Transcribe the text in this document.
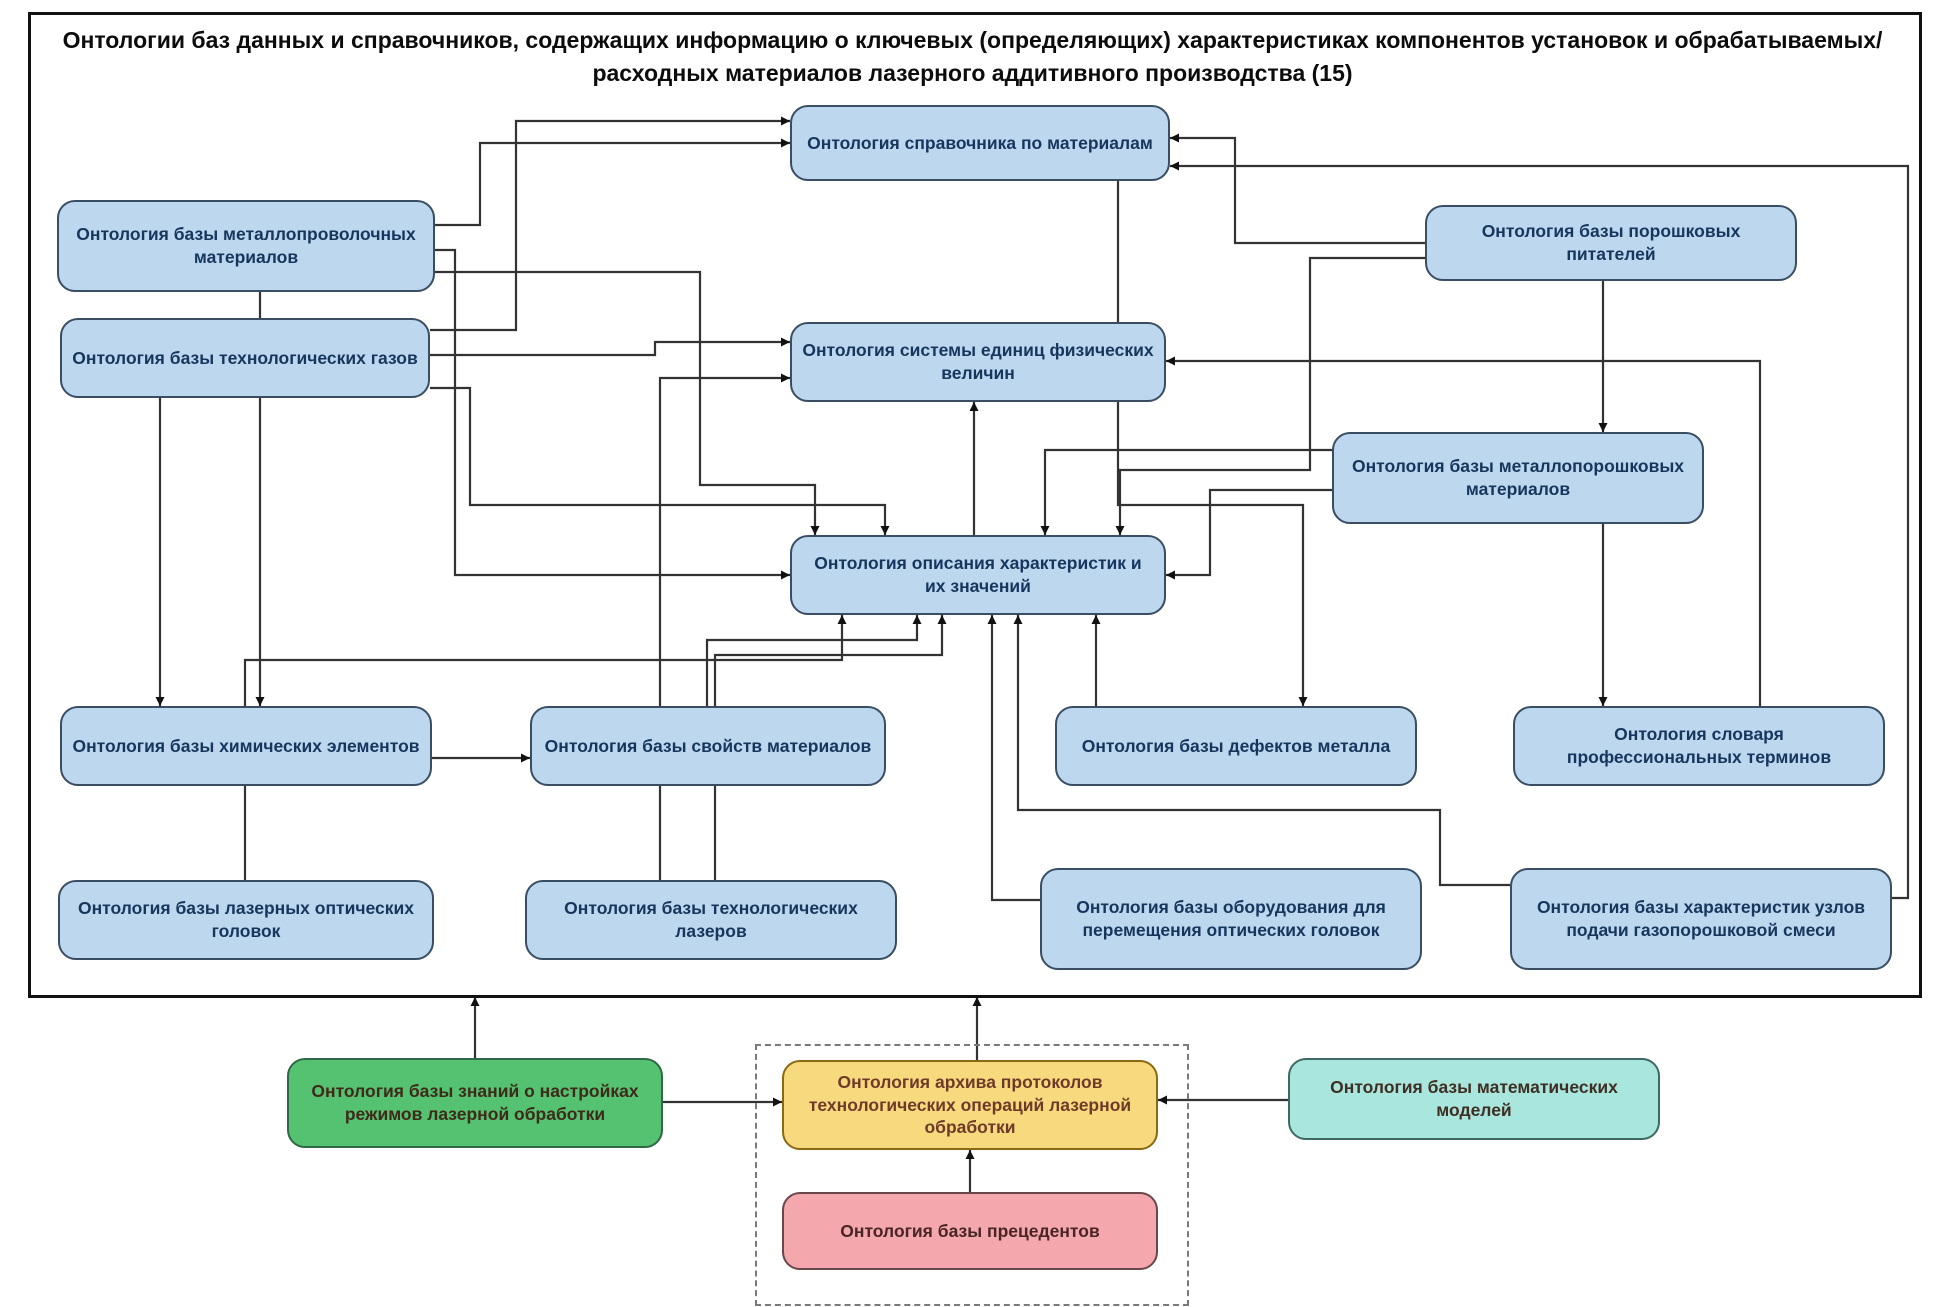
Онтологии баз данных и справочников, содержащих информацию о ключевых (определяющих) характеристиках компонентов установок и обрабатываемых/расходных материалов лазерного аддитивного производства (15)
Онтология справочника по материалам
Онтология базы металлопроволочных материалов
Онтология базы порошковых питателей
Онтология базы технологических газов	Онтология системы единиц физических величин
Онтология базы металлопорошковых материалов
Онтология описания характеристик и их значений
Онтология базы химических элементов	Онтология базы свойств материалов	Онтология базы дефектов металла
Онтология словаря профессиональных терминов
Онтология базы лазерных оптических головок
Онтология базы технологических лазеров
Онтология базы оборудования для перемещения оптических головок
Онтология базы характеристик узлов подачи газопорошковой смеси
Онтология базы знаний о настройках режимов лазерной обработки
Онтология архива протоколов технологических операций лазерной обработки
Онтология базы прецедентов
Онтология базы математических моделей
